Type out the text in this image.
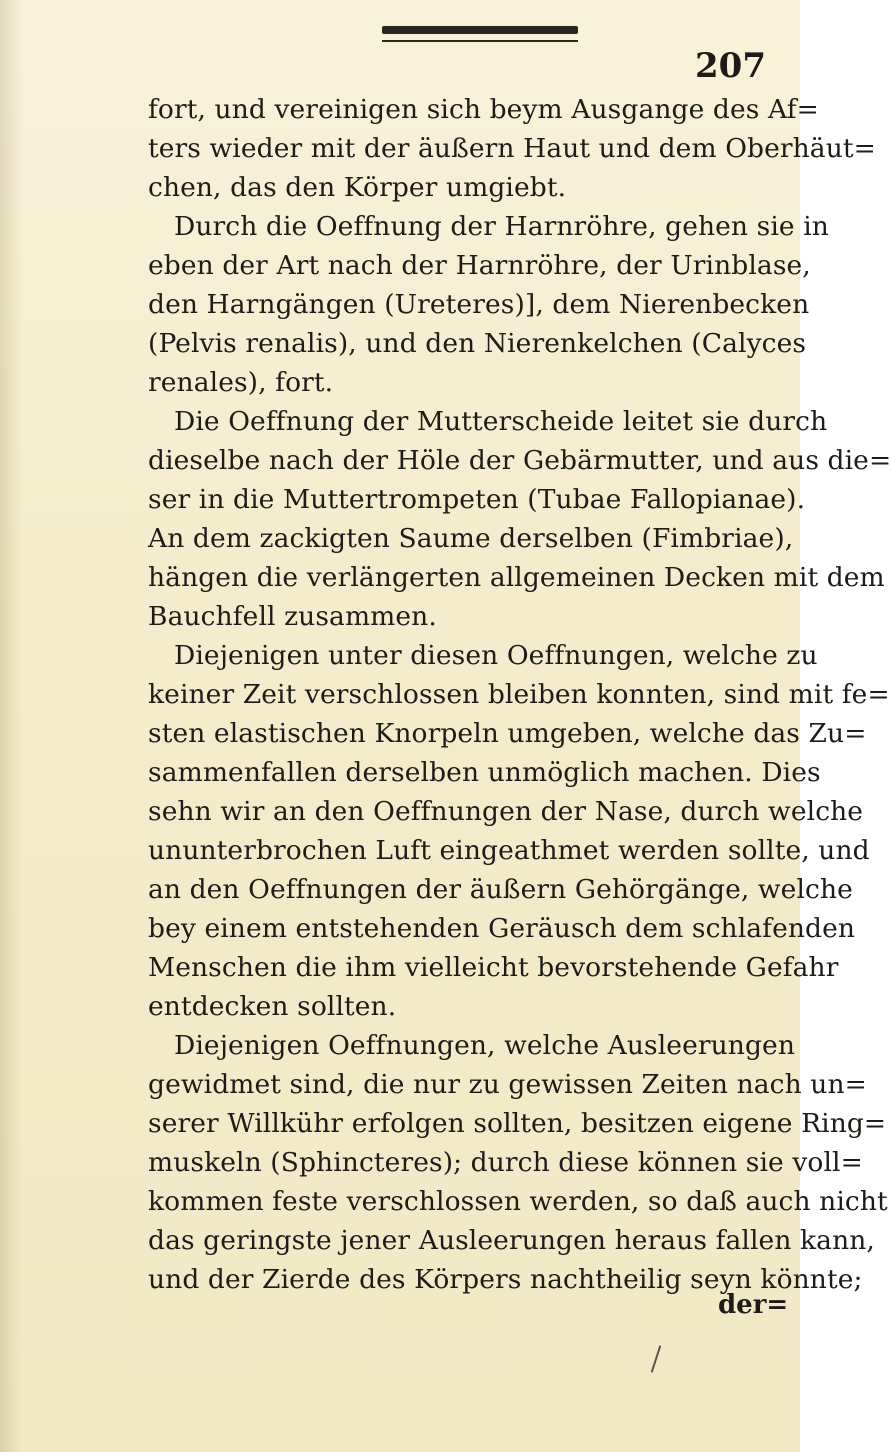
207
fort, und vereinigen sich beym Ausgange des Af=
ters wieder mit der äußern Haut und dem Oberhäut=
chen, das den Körper umgiebt.
Durch die Oeffnung der Harnröhre, gehen sie in
eben der Art nach der Harnröhre, der Urinblase,
den Harngängen (Ureteres)], dem Nierenbecken
(Pelvis renalis), und den Nierenkelchen (Calyces
renales), fort.
Die Oeffnung der Mutterscheide leitet sie durch
dieselbe nach der Höle der Gebärmutter, und aus die=
ser in die Muttertrompeten (Tubae Fallopianae).
An dem zackigten Saume derselben (Fimbriae),
hängen die verlängerten allgemeinen Decken mit dem
Bauchfell zusammen.
Diejenigen unter diesen Oeffnungen, welche zu
keiner Zeit verschlossen bleiben konnten, sind mit fe=
sten elastischen Knorpeln umgeben, welche das Zu=
sammenfallen derselben unmöglich machen. Dies
sehn wir an den Oeffnungen der Nase, durch welche
ununterbrochen Luft eingeathmet werden sollte, und
an den Oeffnungen der äußern Gehörgänge, welche
bey einem entstehenden Geräusch dem schlafenden
Menschen die ihm vielleicht bevorstehende Gefahr
entdecken sollten.
Diejenigen Oeffnungen, welche Ausleerungen
gewidmet sind, die nur zu gewissen Zeiten nach un=
serer Willkühr erfolgen sollten, besitzen eigene Ring=
muskeln (Sphincteres); durch diese können sie voll=
kommen feste verschlossen werden, so daß auch nicht
das geringste jener Ausleerungen heraus fallen kann,
und der Zierde des Körpers nachtheilig seyn könnte;
der=
